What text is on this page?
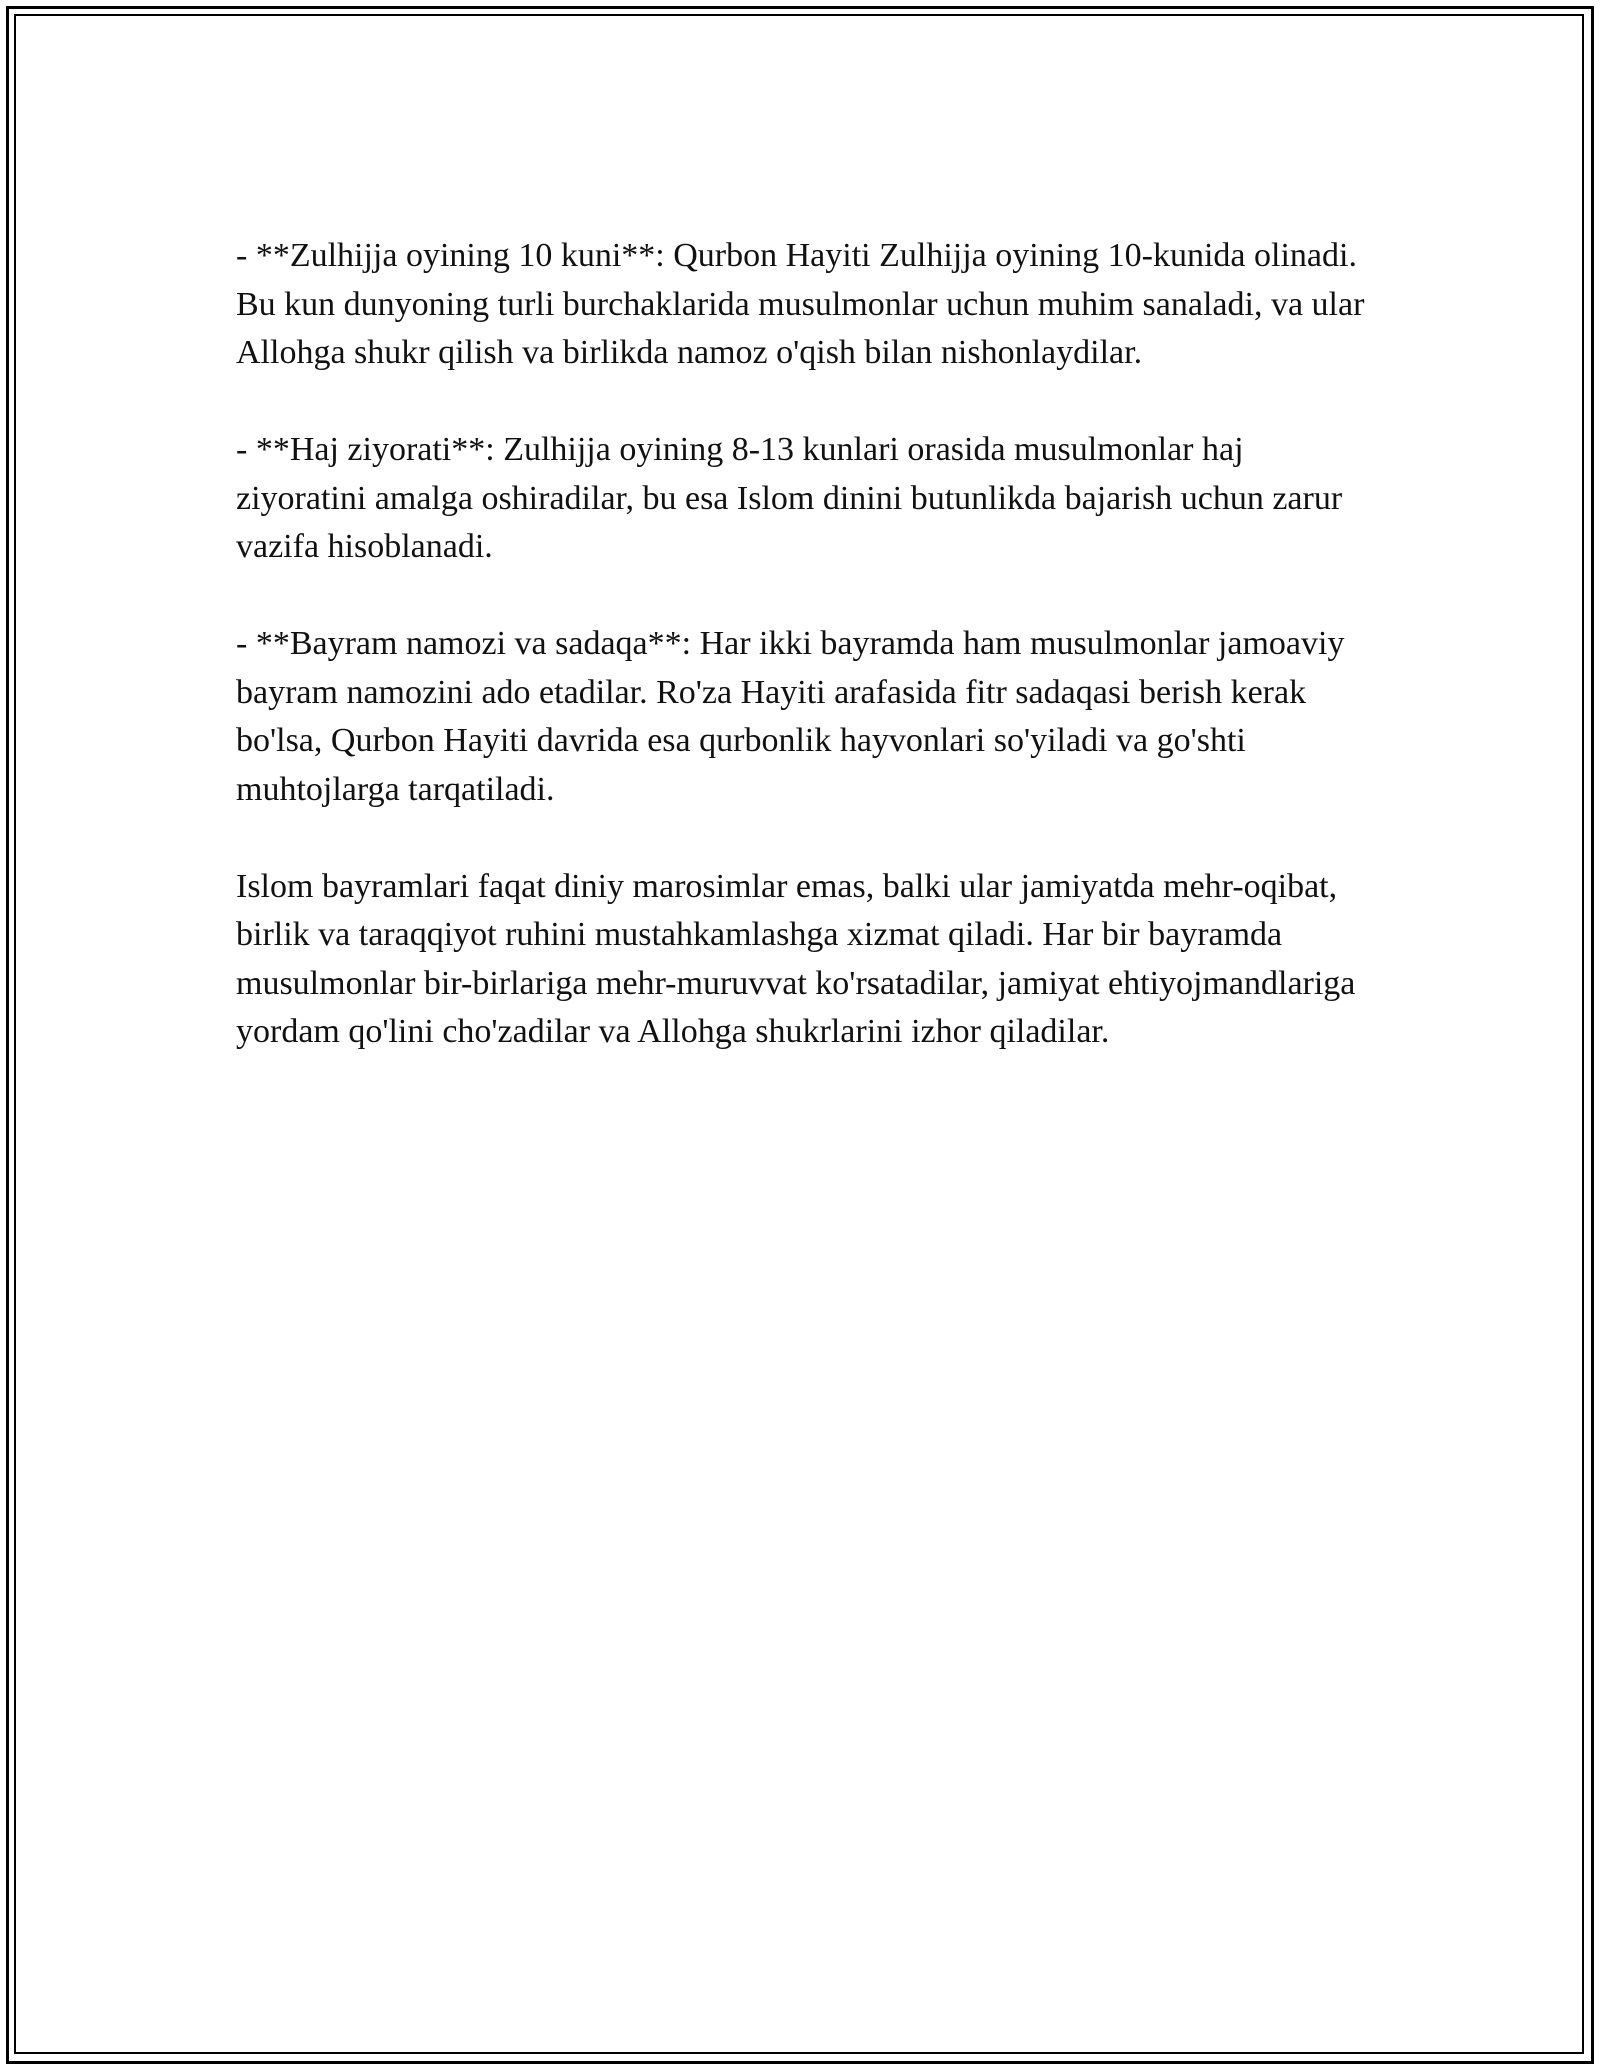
- **Zulhijja oyining 10 kuni**: Qurbon Hayiti Zulhijja oyining 10-kunida olinadi. Bu kun dunyoning turli burchaklarida musulmonlar uchun muhim sanaladi, va ular Allohga shukr qilish va birlikda namoz o'qish bilan nishonlaydilar.

- **Haj ziyorati**: Zulhijja oyining 8-13 kunlari orasida musulmonlar haj ziyoratini amalga oshiradilar, bu esa Islom dinini butunlikda bajarish uchun zarur vazifa hisoblanadi.

- **Bayram namozi va sadaqa**: Har ikki bayramda ham musulmonlar jamoaviy bayram namozini ado etadilar. Ro'za Hayiti arafasida fitr sadaqasi berish kerak bo'lsa, Qurbon Hayiti davrida esa qurbonlik hayvonlari so'yiladi va go'shti muhtojlarga tarqatiladi.

Islom bayramlari faqat diniy marosimlar emas, balki ular jamiyatda mehr-oqibat, birlik va taraqqiyot ruhini mustahkamlashga xizmat qiladi. Har bir bayramda musulmonlar bir-birlariga mehr-muruvvat ko'rsatadilar, jamiyat ehtiyojmandlariga yordam qo'lini cho'zadilar va Allohga shukrlarini izhor qiladilar.
